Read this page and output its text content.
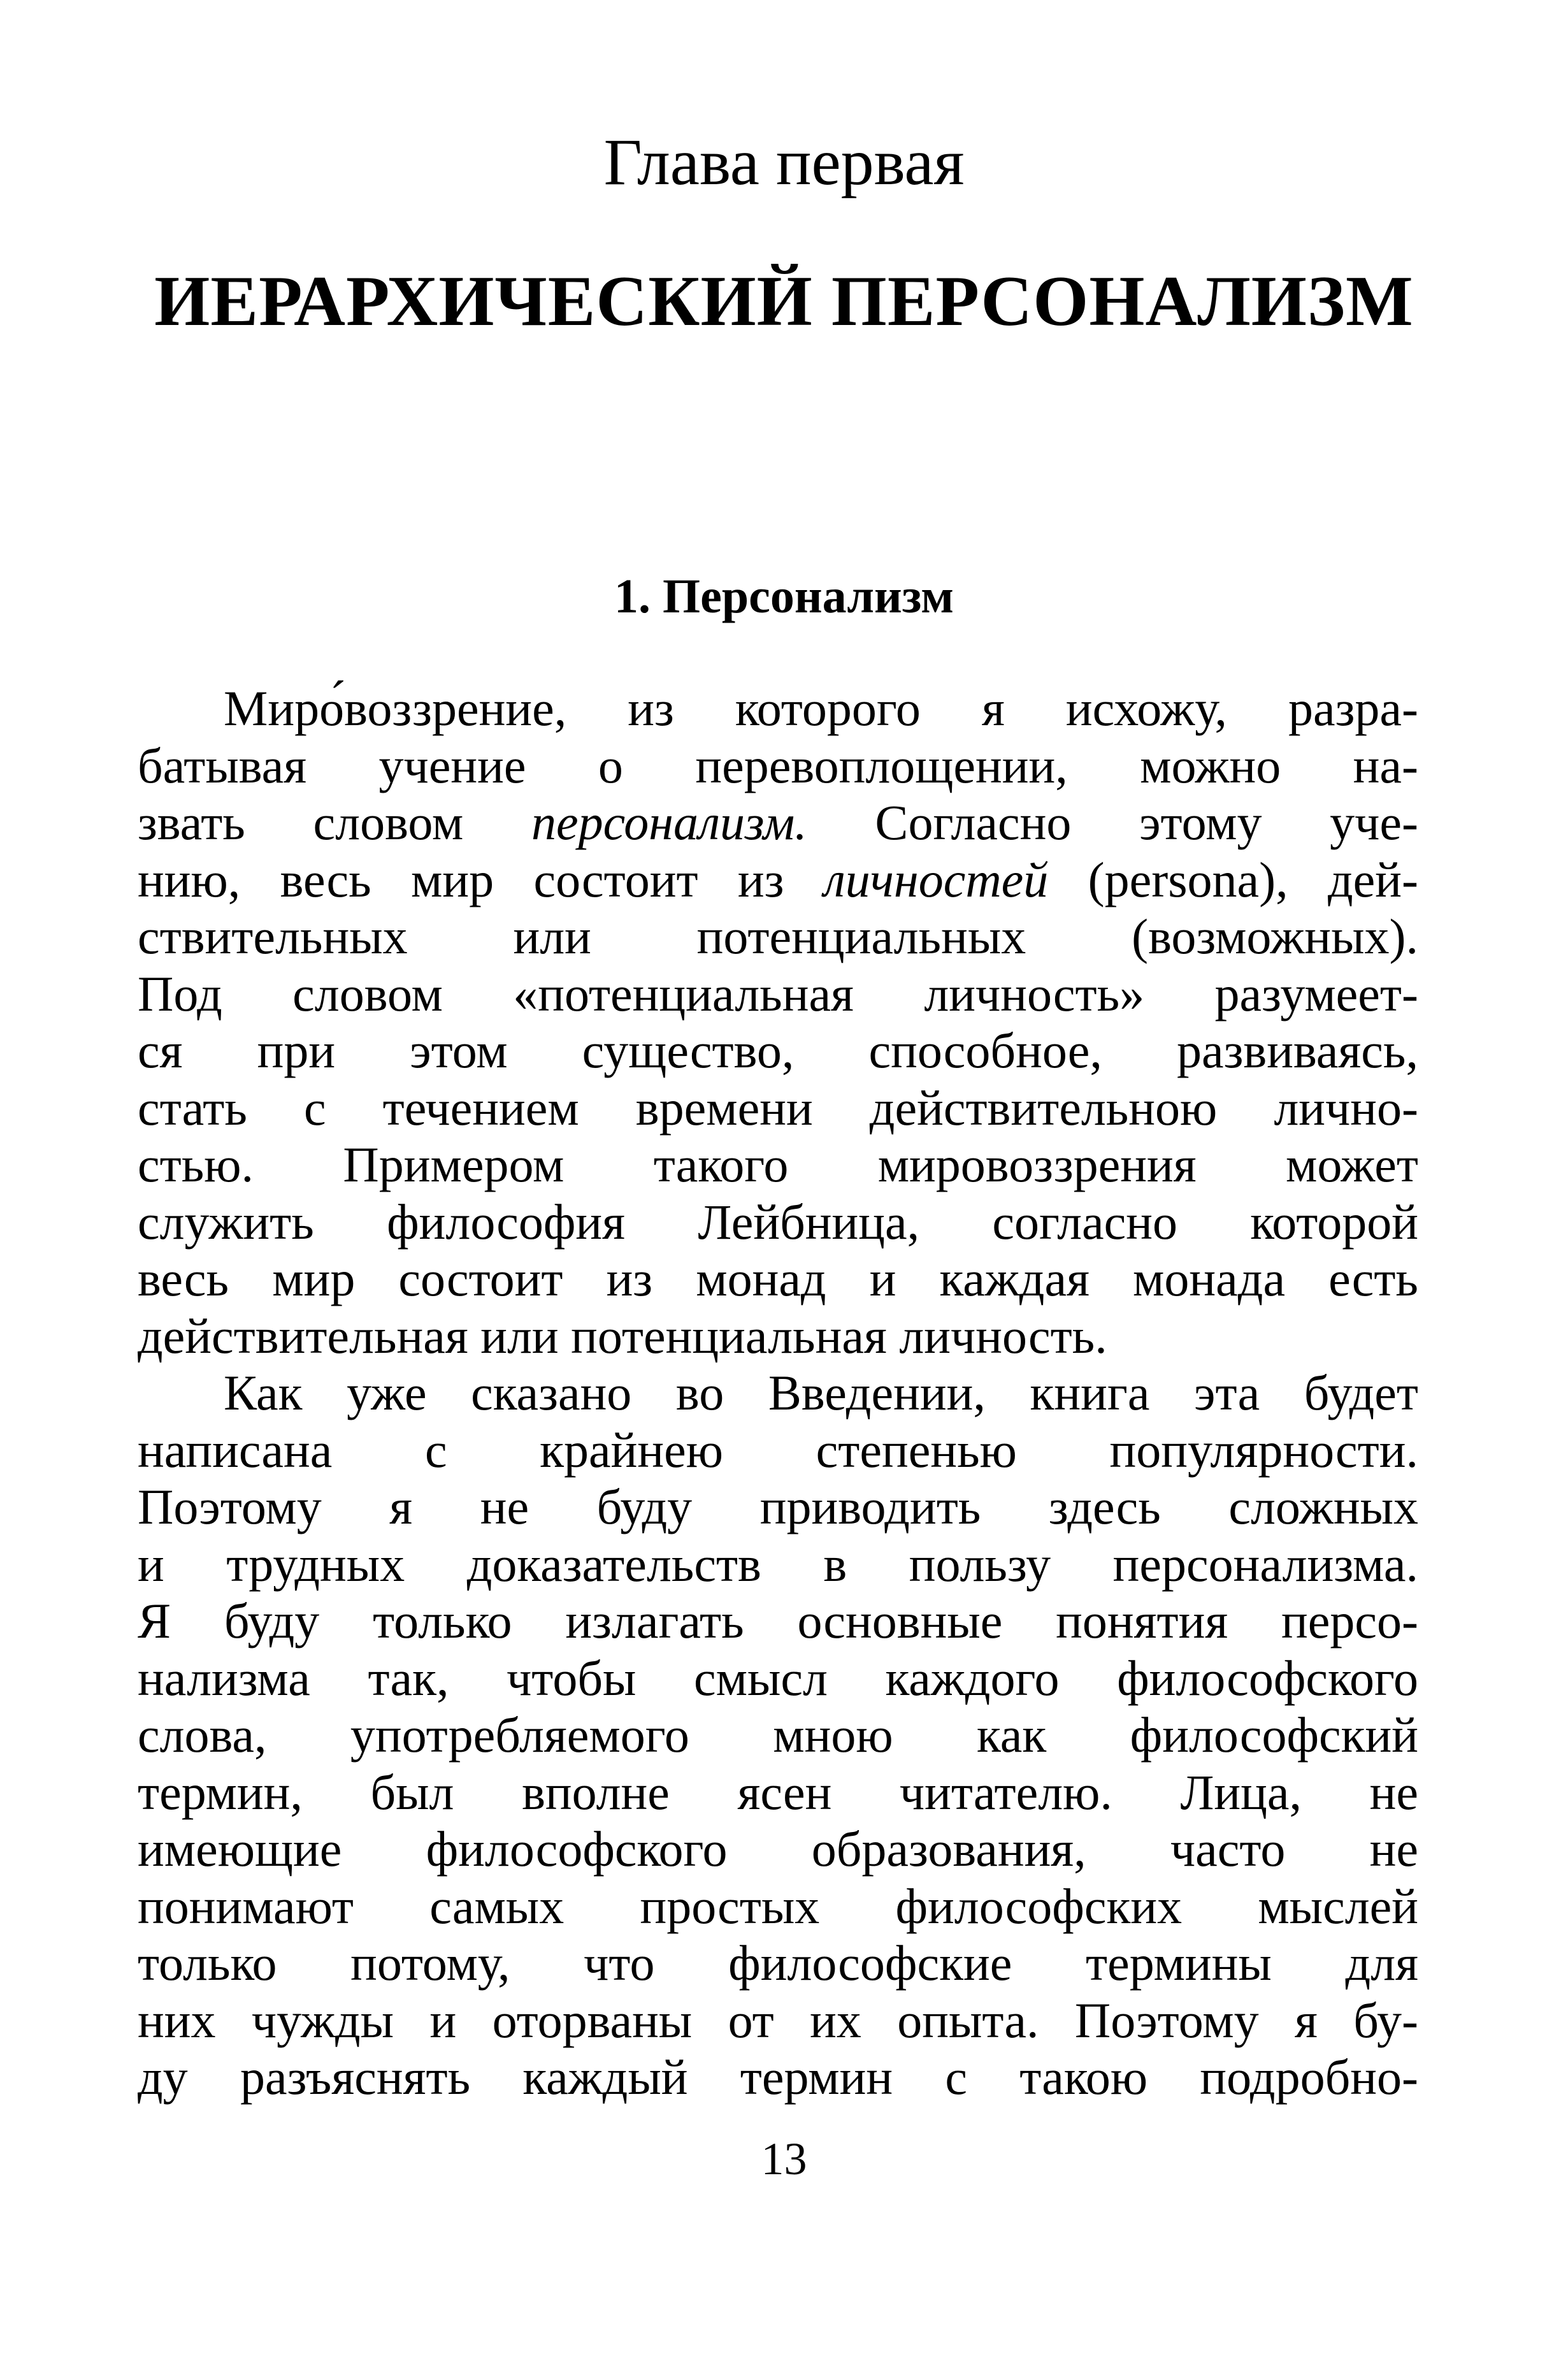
Глава первая
ИЕРАРХИЧЕСКИЙ ПЕРСОНАЛИЗМ
1. Персонализм
Миро́воззрение, из которого я исхожу, разра-
батывая учение о перевоплощении, можно на-
звать словом персонализм. Согласно этому уче-
нию, весь мир состоит из личностей (persona), дей-
ствительных или потенциальных (возможных).
Под словом «потенциальная личность» разумеет-
ся при этом существо, способное, развиваясь,
стать с течением времени действительною лично-
стью. Примером такого мировоззрения может
служить философия Лейбница, согласно которой
весь мир состоит из монад и каждая монада есть
действительная или потенциальная личность.
Как уже сказано во Введении, книга эта будет
написана с крайнею степенью популярности.
Поэтому я не буду приводить здесь сложных
и трудных доказательств в пользу персонализма.
Я буду только излагать основные понятия персо-
нализма так, чтобы смысл каждого философского
слова, употребляемого мною как философский
термин, был вполне ясен читателю. Лица, не
имеющие философского образования, часто не
понимают самых простых философских мыслей
только потому, что философские термины для
них чужды и оторваны от их опыта. Поэтому я бу-
ду разъяснять каждый термин с такою подробно-
13
